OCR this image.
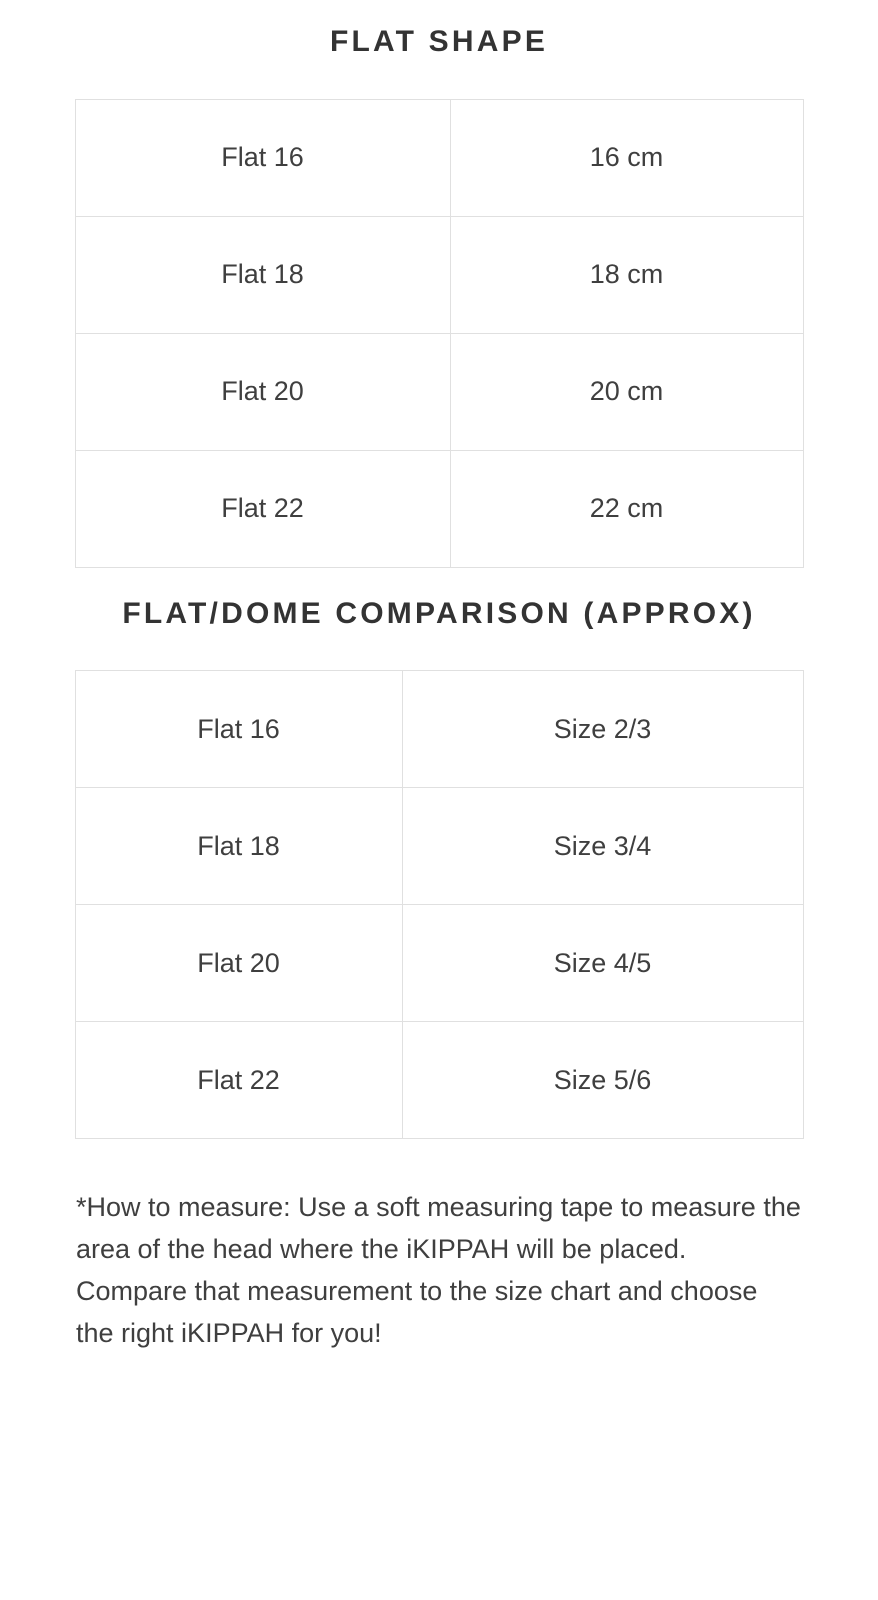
FLAT SHAPE
Flat 16	16 cm
Flat 18	18 cm
Flat 20	20 cm
Flat 22	22 cm
FLAT/DOME COMPARISON (APPROX)
Flat 16	Size 2/3
Flat 18	Size 3/4
Flat 20	Size 4/5
Flat 22	Size 5/6

*How to measure: Use a soft measuring tape to measure the area of the head where the iKIPPAH will be placed. Compare that measurement to the size chart and choose the right iKIPPAH for you!
